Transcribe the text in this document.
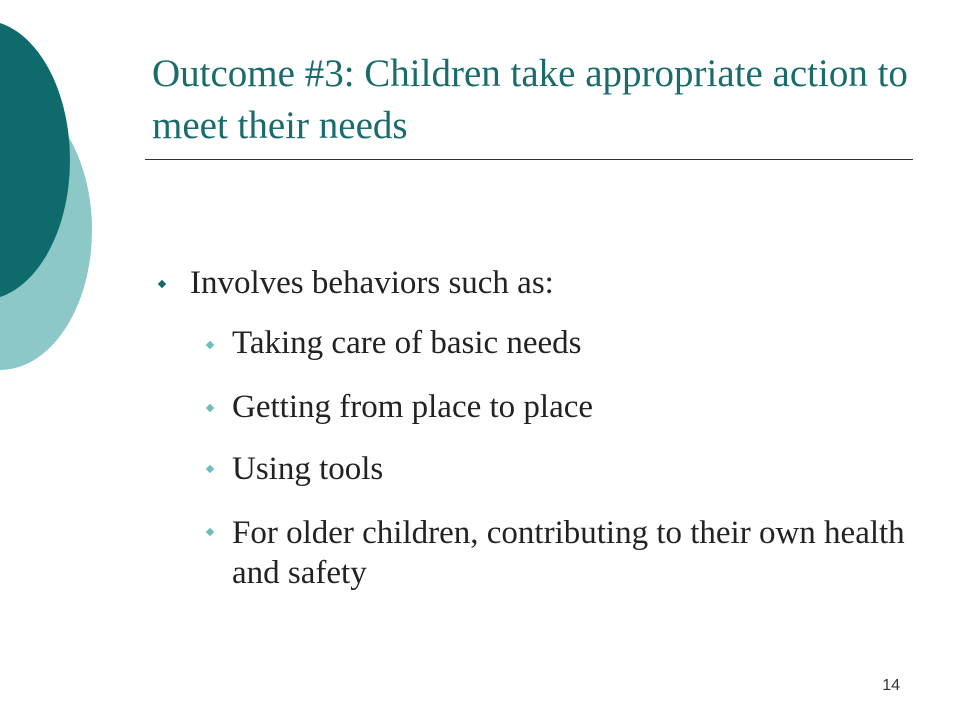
Outcome #3: Children take appropriate action to meet their needs
Involves behaviors such as:
Taking care of basic needs
Getting from place to place
Using tools
For older children, contributing to their own health and safety
14
